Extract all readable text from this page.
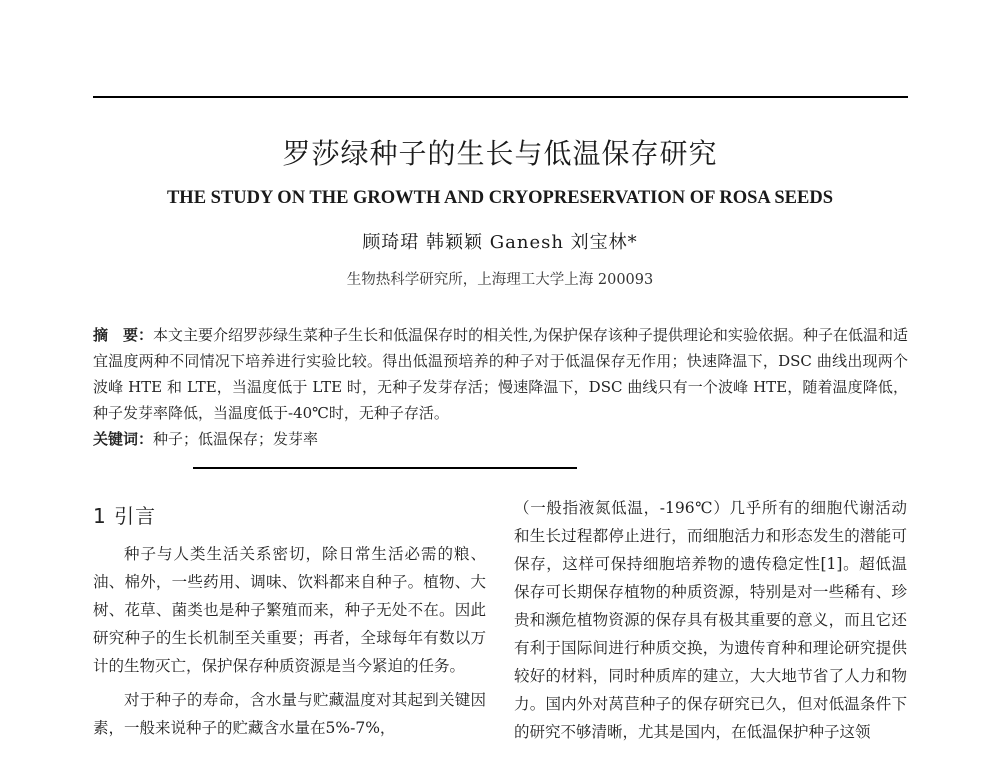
罗莎绿种子的生长与低温保存研究
THE STUDY ON THE GROWTH AND CRYOPRESERVATION OF ROSA SEEDS
顾琦珺 韩颖颖 Ganesh 刘宝林*
生物热科学研究所，上海理工大学上海 200093
摘　要：本文主要介绍罗莎绿生菜种子生长和低温保存时的相关性,为保护保存该种子提供理论和实验依据。种子在低温和适宜温度两种不同情况下培养进行实验比较。得出低温预培养的种子对于低温保存无作用；快速降温下，DSC 曲线出现两个波峰 HTE 和 LTE，当温度低于 LTE 时，无种子发芽存活；慢速降温下，DSC 曲线只有一个波峰 HTE，随着温度降低，种子发芽率降低，当温度低于-40℃时，无种子存活。
关键词：种子；低温保存；发芽率
1 引言

种子与人类生活关系密切，除日常生活必需的粮、油、棉外，一些药用、调味、饮料都来自种子。植物、大树、花草、菌类也是种子繁殖而来，种子无处不在。因此研究种子的生长机制至关重要；再者，全球每年有数以万计的生物灭亡，保护保存种质资源是当今紧迫的任务。

对于种子的寿命，含水量与贮藏温度对其起到关键因素，一般来说种子的贮藏含水量在5%-7%，

（一般指液氮低温，-196℃）几乎所有的细胞代谢活动和生长过程都停止进行，而细胞活力和形态发生的潜能可保存，这样可保持细胞培养物的遗传稳定性[1]。超低温保存可长期保存植物的种质资源，特别是对一些稀有、珍贵和濒危植物资源的保存具有极其重要的意义，而且它还有利于国际间进行种质交换，为遗传育种和理论研究提供较好的材料，同时种质库的建立，大大地节省了人力和物力。国内外对莴苣种子的保存研究已久，但对低温条件下的研究不够清晰，尤其是国内，在低温保护种子这领
